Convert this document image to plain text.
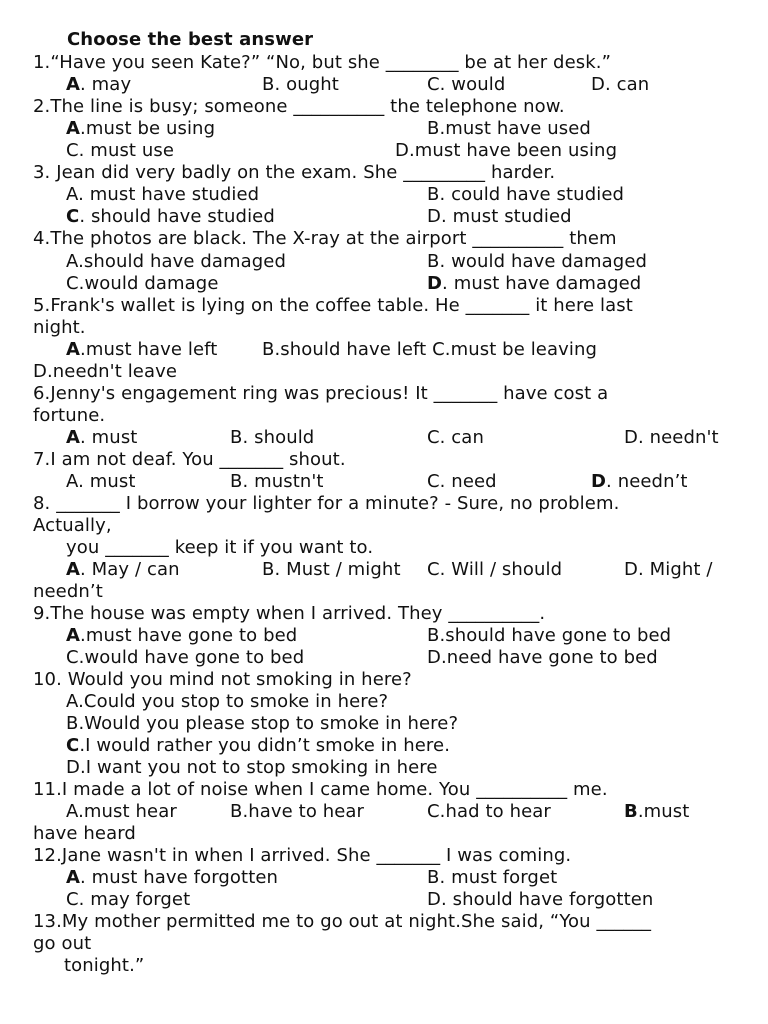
Choose the best answer
1.“Have you seen Kate?” “No, but she ________ be at her desk.”
A. may	B. ought	C. would	D. can
2.The line is busy; someone __________ the telephone now.
A.must be using	B.must have used
C. must use	D.must have been using
3. Jean did very badly on the exam. She _________ harder.
A. must have studied	B. could have studied
C. should have studied	D. must studied
4.The photos are black. The X-ray at the airport __________ them
A.should have damaged	B. would have damaged
C.would damage	D. must have damaged
5.Frank's wallet is lying on the coffee table. He _______ it here last
night.
A.must have left B.should have left C.must be leaving
D.needn't leave
6.Jenny's engagement ring was precious! It _______ have cost a
fortune.
A. must	B. should	C. can	D. needn't
7.I am not deaf. You _______ shout.
A. must	B. mustn't	C. need	D. needn’t
8. _______ I borrow your lighter for a minute? - Sure, no problem.
Actually,
you _______ keep it if you want to.
A. May / can	B. Must / might C. Will / should	D. Might /
needn’t
9.The house was empty when I arrived. They __________.
A.must have gone to bed	B.should have gone to bed
C.would have gone to bed	D.need have gone to bed
10. Would you mind not smoking in here?
A.Could you stop to smoke in here?
B.Would you please stop to smoke in here?
C.I would rather you didn’t smoke in here.
D.I want you not to stop smoking in here
11.I made a lot of noise when I came home. You __________ me.
A.must hear	B.have to hear	C.had to hear	B.must
have heard
12.Jane wasn't in when I arrived. She _______ I was coming.
A. must have forgotten	B. must forget
C. may forget	D. should have forgotten
13.My mother permitted me to go out at night.She said, “You ______
go out
tonight.”
